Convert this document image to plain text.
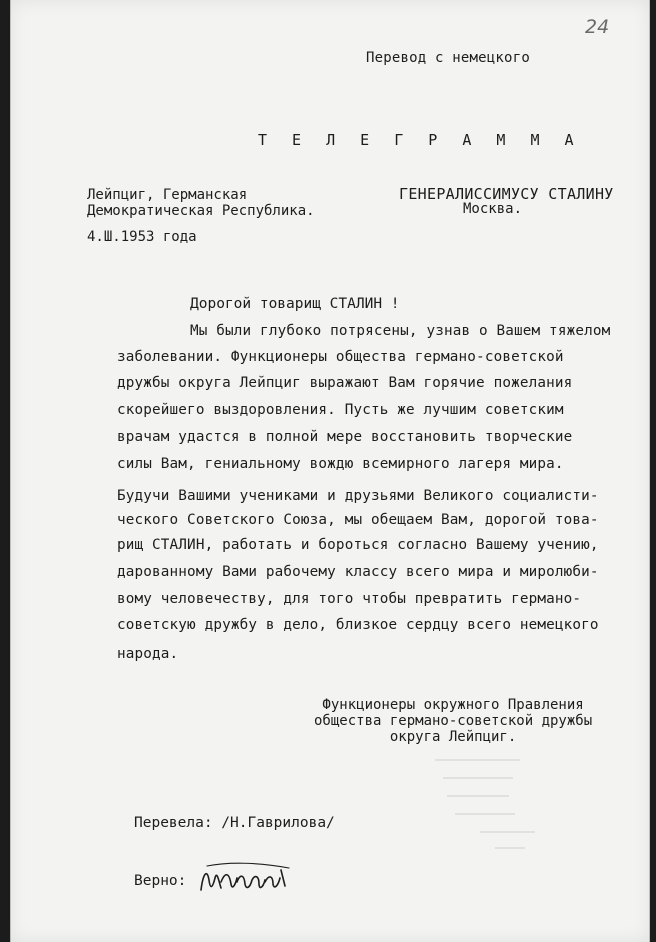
24
Перевод с немецкого
Т Е Л Е Г Р А М М А
Лейпциг, Германская
Демократическая Республика.
4.Ш.1953 года
ГЕНЕРАЛИССИМУСУ СТАЛИНУ
Москва.
Дорогой товарищ СТАЛИН !
Мы были глубоко потрясены, узнав о Вашем тяжелом
заболевании. Функционеры общества германо-советской
дружбы округа Лейпциг выражают Вам горячие пожелания
скорейшего выздоровления. Пусть же лучшим советским
врачам удастся в полной мере восстановить творческие
силы Вам, гениальному вождю всемирного лагеря мира.
Будучи Вашими учениками и друзьями Великого социалисти-
ческого Советского Союза, мы обещаем Вам, дорогой това-
рищ СТАЛИН, работать и бороться согласно Вашему учению,
дарованному Вами рабочему классу всего мира и миролюби-
вому человечеству, для того чтобы превратить германо-
советскую дружбу в дело, близкое сердцу всего немецкого
народа.
Функционеры окружного Правления
общества германо-советской дружбы
округа Лейпциг.
Перевела: /Н.Гаврилова/
Верно:
